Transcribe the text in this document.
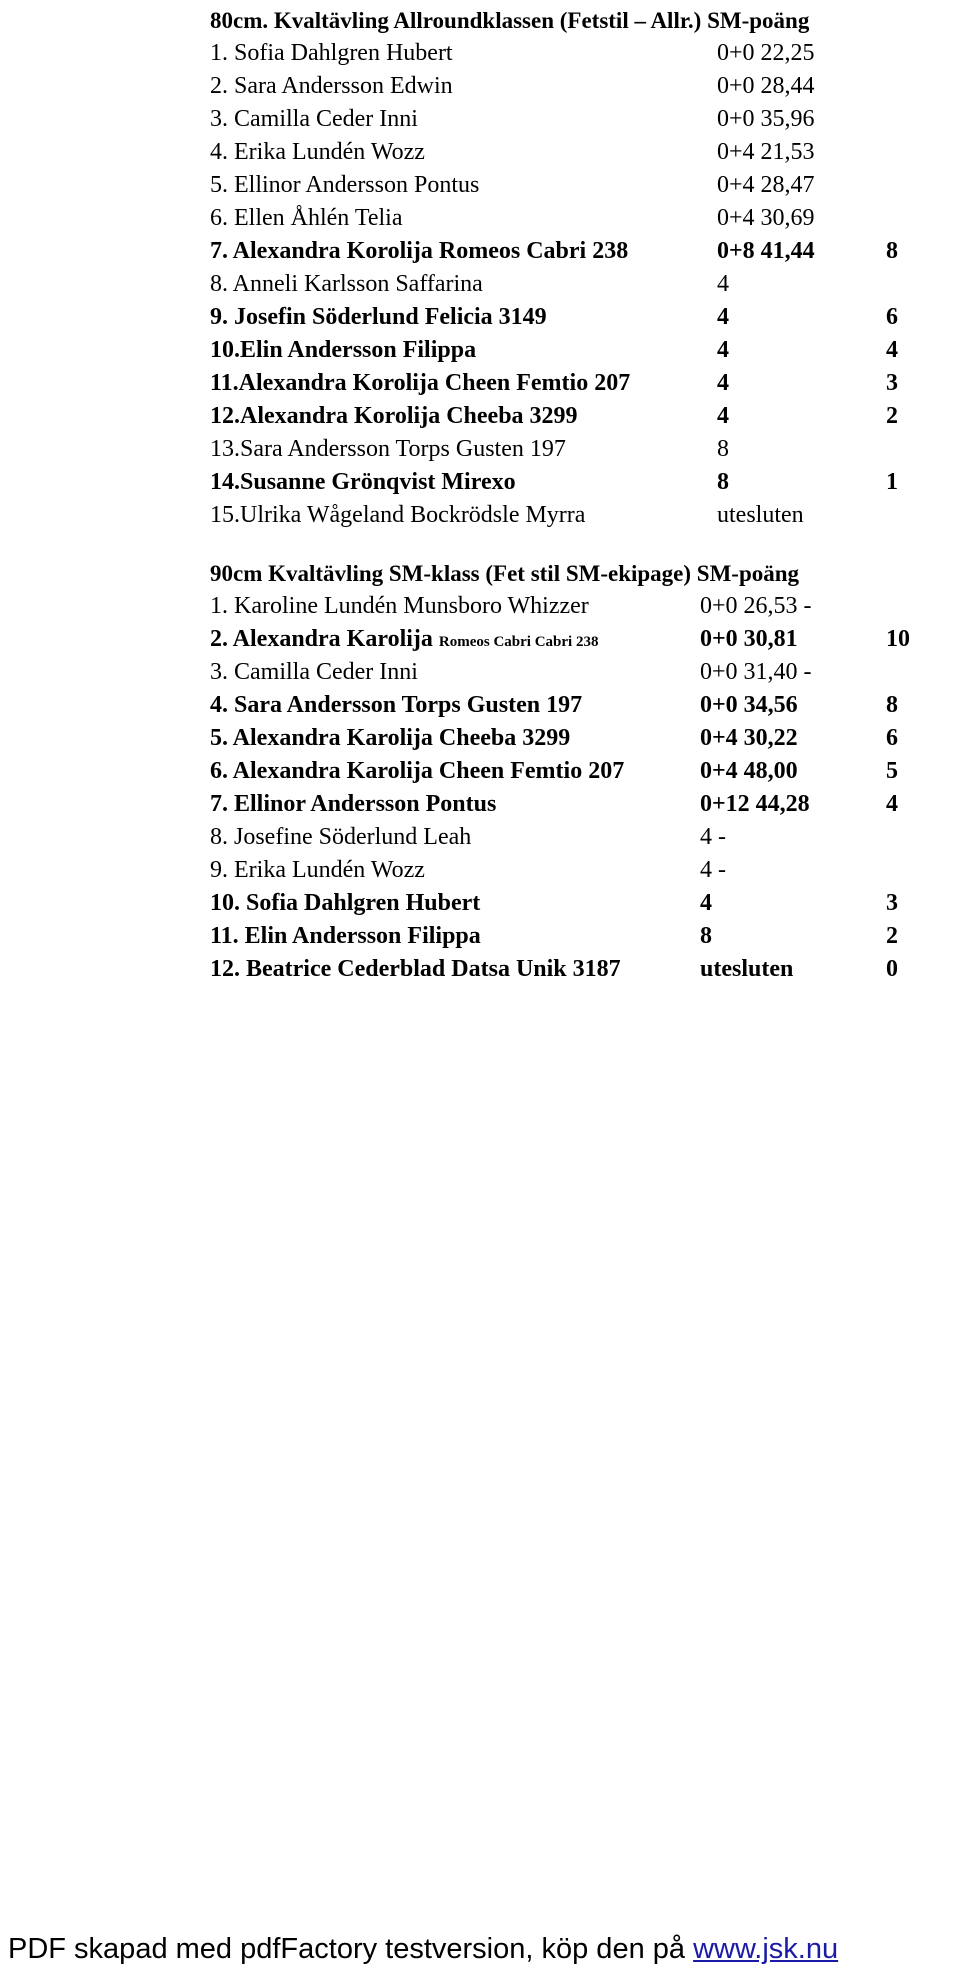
80cm. Kvaltävling Allroundklassen (Fetstil – Allr.) SM-poäng
1. Sofia Dahlgren Hubert	0+0 22,25
2. Sara Andersson Edwin	0+0 28,44
3. Camilla Ceder Inni	0+0 35,96
4. Erika Lundén Wozz	0+4 21,53
5. Ellinor Andersson Pontus	0+4 28,47
6. Ellen Åhlén Telia	0+4 30,69
7. Alexandra Korolija Romeos Cabri 238	0+8 41,44	8
8. Anneli Karlsson Saffarina	4
9. Josefin Söderlund Felicia 3149	4	6
10.Elin Andersson Filippa	4	4
11.Alexandra Korolija Cheen Femtio 207	4	3
12.Alexandra Korolija Cheeba 3299	4	2
13.Sara Andersson Torps Gusten 197	8
14.Susanne Grönqvist Mirexo	8	1
15.Ulrika Wågeland Bockrödsle Myrra	utesluten
90cm Kvaltävling SM-klass (Fet stil SM-ekipage) SM-poäng
1. Karoline Lundén Munsboro Whizzer	0+0 26,53 -
2. Alexandra Karolija Romeos Cabri Cabri 238	0+0 30,81	10
3. Camilla Ceder Inni	0+0 31,40 -
4. Sara Andersson Torps Gusten 197	0+0 34,56	8
5. Alexandra Karolija Cheeba 3299	0+4 30,22	6
6. Alexandra Karolija Cheen Femtio 207	0+4 48,00	5
7. Ellinor Andersson Pontus	0+12 44,28	4
8. Josefine Söderlund Leah	4 -
9. Erika Lundén Wozz	4 -
10. Sofia Dahlgren Hubert	4	3
11. Elin Andersson Filippa	8	2
12. Beatrice Cederblad Datsa Unik 3187	utesluten	0
PDF skapad med pdfFactory testversion, köp den på www.jsk.nu
